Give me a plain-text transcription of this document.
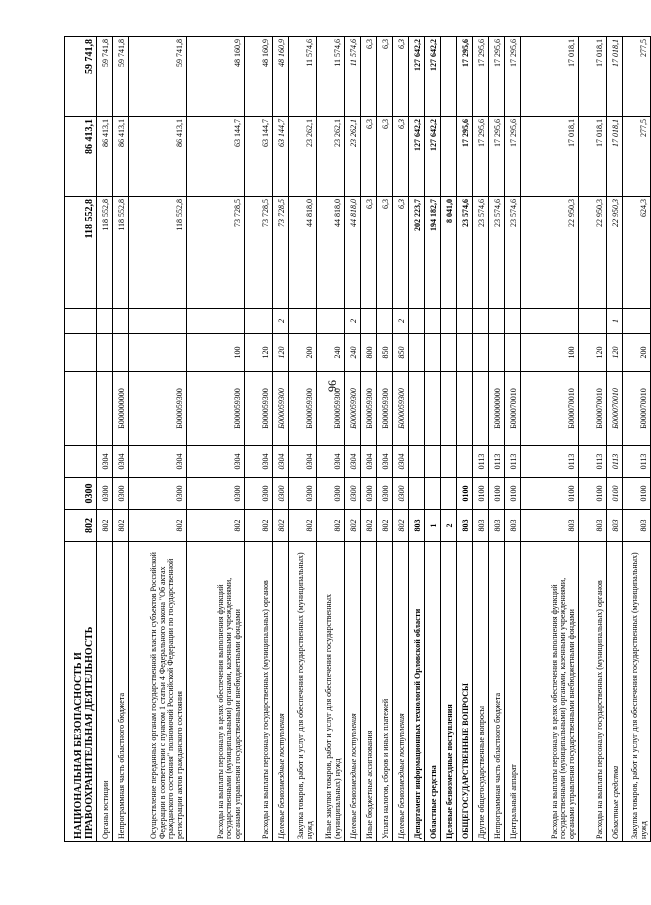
96
НАЦИОНАЛЬНАЯ БЕЗОПАСНОСТЬ И ПРАВООХРАНИТЕЛЬНАЯ ДЕЯТЕЛЬНОСТЬ	802	0300					118 552,8	86 413,1	59 741,8
Органы юстиции	802	0300	0304				118 552,8	86 413,1	59 741,8
Непрограммная часть областного бюджета	802	0300	0304	Б000000000			118 552,8	86 413,1	59 741,8
Осуществление переданных органам государственной власти субъектов Российской Федерации в соответствии с пунктом 1 статьи 4 Федерального закона "Об актах гражданского состояния" полномочий Российской Федерации по государственной регистрации актов гражданского состояния	802	0300	0304	Б000059300			118 552,8	86 413,1	59 741,8
Расходы на выплаты персоналу в целях обеспечения выполнения функций государственными (муниципальными) органами, казенными учреждениями, органами управления государственными внебюджетными фондами	802	0300	0304	Б000059300	100		73 728,5	63 144,7	48 160,9
Расходы на выплаты персоналу государственных (муниципальных) органов	802	0300	0304	Б000059300	120		73 728,5	63 144,7	48 160,9
Целевые безвозмездные поступления	802	0300	0304	Б000059300	120	2	73 728,5	63 144,7	48 160,9
Закупка товаров, работ и услуг для обеспечения государственных (муниципальных) нужд	802	0300	0304	Б000059300	200		44 818,0	23 262,1	11 574,6
Иные закупки товаров, работ и услуг для обеспечения государственных (муниципальных) нужд	802	0300	0304	Б000059300	240		44 818,0	23 262,1	11 574,6
Целевые безвозмездные поступления	802	0300	0304	Б000059300	240	2	44 818,0	23 262,1	11 574,6
Иные бюджетные ассигнования	802	0300	0304	Б000059300	800		6,3	6,3	6,3
Уплата налогов, сборов и иных платежей	802	0300	0304	Б000059300	850		6,3	6,3	6,3
Целевые безвозмездные поступления	802	0300	0304	Б000059300	850	2	6,3	6,3	6,3
Департамент информационных технологий Орловской области	803						202 223,7	127 642,2	127 642,2
Областные средства	1						194 182,7	127 642,2	127 642,2
Целевые безвозмездные поступления	2						8 041,0		
ОБЩЕГОСУДАРСТВЕННЫЕ ВОПРОСЫ	803	0100					23 574,6	17 295,6	17 295,6
Другие общегосударственные вопросы	803	0100	0113				23 574,6	17 295,6	17 295,6
Непрограммная часть областного бюджета	803	0100	0113	Б000000000			23 574,6	17 295,6	17 295,6
Центральный аппарат	803	0100	0113	Б000070010			23 574,6	17 295,6	17 295,6
Расходы на выплаты персоналу в целях обеспечения выполнения функций государственными (муниципальными) органами, казенными учреждениями, органами управления государственными внебюджетными фондами	803	0100	0113	Б000070010	100		22 950,3	17 018,1	17 018,1
Расходы на выплаты персоналу государственных (муниципальных) органов	803	0100	0113	Б000070010	120		22 950,3	17 018,1	17 018,1
Областные средства	803	0100	0113	Б000070010	120	1	22 950,3	17 018,1	17 018,1
Закупка товаров, работ и услуг для обеспечения государственных (муниципальных) нужд	803	0100	0113	Б000070010	200		624,3	277,5	277,5
